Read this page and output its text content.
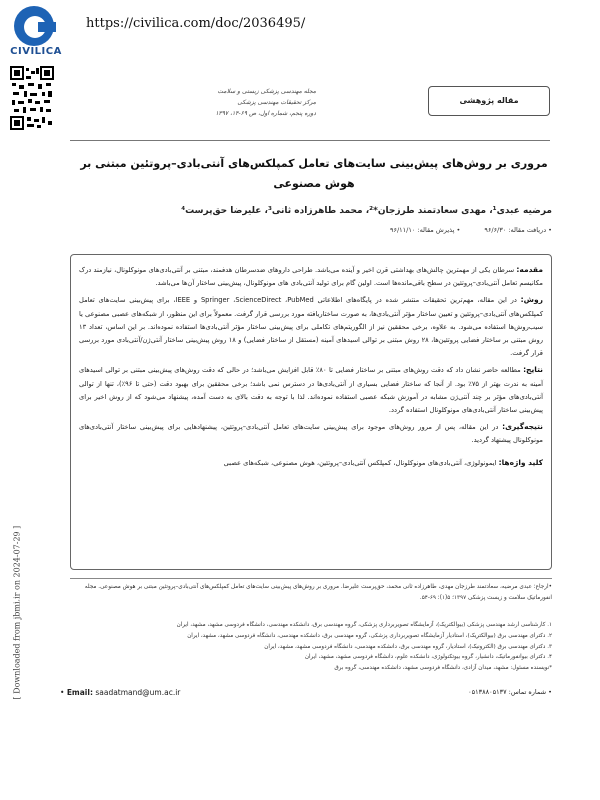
CIVILICA
https://civilica.com/doc/2036495/
مجله مهندسی پزشکی زیستی و سلامت
مرکز تحقیقات مهندسی پزشکی
دوره پنجم، شماره اول، ص ۶۹-۱۴، ۱۳۹۷
مقاله پژوهشی
مروری بر روش‌های پیش‌بینی سایت‌های تعامل کمپلکس‌های آنتی‌بادی–پروتئین مبتنی بر هوش مصنوعی
مرضیه عبدی¹، مهدی سعادتمند طرزجان*²، محمد طاهرزاده ثانی³، علیرضا حق‌پرست⁴
• دریافت مقاله: ۹۶/۶/۳۰ • پذیرش مقاله: ۹۶/۱۱/۱۰

مقدمه: سرطان یکی از مهمترین چالش‌های بهداشتی قرن اخیر و آینده می‌باشد. طراحی داروهای ضدسرطان هدفمند، مبتنی بر آنتی‌بادی‌های مونوکلونال، نیازمند درک مکانیسم تعامل آنتی‌بادی–پروتئین در سطح باقی‌مانده‌ها است. اولین گام برای تولید آنتی‌بادی های مونوکلونال، پیش‌بینی ساختار آن‌ها می‌باشد.

روش: در این مقاله، مهم‌ترین تحقیقات منتشر شده در پایگاه‌های اطلاعاتی Springer ،ScienceDirect ،PubMed و IEEE، برای پیش‌بینی سایت‌های تعامل کمپلکس‌های آنتی‌بادی–پروتئین و تعیین ساختار مؤثر آنتی‌بادی‌ها، به صورت ساختاریافته مورد بررسی قرار گرفت. معمولاً برای این منظور، از شبکه‌های عصبی مصنوعی یا سیب‌روش‌ها استفاده می‌شود. به علاوه، برخی محققین نیز از الگوریتم‌های تکاملی برای پیش‌بینی ساختار مؤثر آنتی‌بادی‌ها استفاده نموده‌اند. بر این اساس، تعداد ۱۳ روش مبتنی بر ساختار فضایی پروتئین‌ها، ۲۸ روش مبتنی بر توالی اسیدهای آمینه (مستقل از ساختار فضایی) و ۱۸ روش پیش‌بینی ساختار آنتی‌ژن/آنتی‌بادی مورد بررسی قرار گرفت.

نتایج: مطالعه حاضر نشان داد که دقت روش‌های مبتنی بر ساختار فضایی تا ۸۰٪ قابل افزایش می‌باشد؛ در حالی که دقت روش‌های پیش‌بینی مبتنی بر توالی اسیدهای آمینه به ندرت بهتر از ۷۵٪ بود. از آنجا که ساختار فضایی بسیاری از آنتی‌بادی‌ها در دسترس نمی باشد؛ برخی محققین برای بهبود دقت (حتی تا ۹۶٪)، تنها از توالی آنتی‌بادی‌های مؤثر بر چند آنتی‌ژن مشابه در آموزش شبکه عصبی استفاده نموده‌اند. لذا با توجه به دقت بالای به دست آمده، پیشنهاد می‌شود که از روش اخیر برای پیش‌بینی ساختار آنتی‌بادی‌های مونوکلونال استفاده گردد.

نتیجه‌گیری: در این مقاله، پس از مرور روش‌های موجود برای پیش‌بینی سایت‌های تعامل آنتی‌بادی–پروتئین، پیشنهادهایی برای پیش‌بینی ساختار آنتی‌بادی‌های مونوکلونال پیشنهاد گردید.

کلید واژه‌ها: ایمونولوژی، آنتی‌بادی‌های مونوکلونال، کمپلکس آنتی‌بادی–پروتئین، هوش مصنوعی، شبکه‌های عصبی

•ارجاع: عبدی مرضیه، سعادتمند طرزجان مهدی، طاهرزاده ثانی محمد، حق‌پرست علیرضا. مروری بر روش‌های پیش‌بینی سایت‌های تعامل کمپلکس‌های آنتی‌بادی–پروتئین مبتنی بر هوش مصنوعی. مجله انفورماتیک سلامت و زیست پزشکی ۱۳۹۷؛ ۵(۱): ۶۹-۵۴.
۱. کارشناسی ارشد مهندسی پزشکی (بیوالکتریک)، آزمایشگاه تصویربرداری پزشکی، گروه مهندسی برق، دانشکده مهندسی، دانشگاه فردوسی مشهد، مشهد، ایران
۲. دکترای مهندسی برق (بیوالکتریک)، استادیار آزمایشگاه تصویربرداری پزشکی، گروه مهندسی برق، دانشکده مهندسی، دانشگاه فردوسی مشهد، مشهد، ایران
۳. دکترای مهندسی برق (الکترونیک)، استادیار، گروه مهندسی برق، دانشکده مهندسی، دانشگاه فردوسی مشهد، مشهد، ایران
۴. دکترای بیوانفورماتیک، دانشیار، گروه بیوتکنولوژی، دانشکده علوم، دانشگاه فردوسی مشهد، مشهد، ایران
*نویسنده مسئول: مشهد، میدان آزادی، دانشگاه فردوسی مشهد، دانشکده مهندسی، گروه برق
• Email: saadatmand@um.ac.ir	• شماره تماس: ۰۵۱۳۸۸۰۵۱۳۷
[ Downloaded from jbmi.ir on 2024-07-29 ]
